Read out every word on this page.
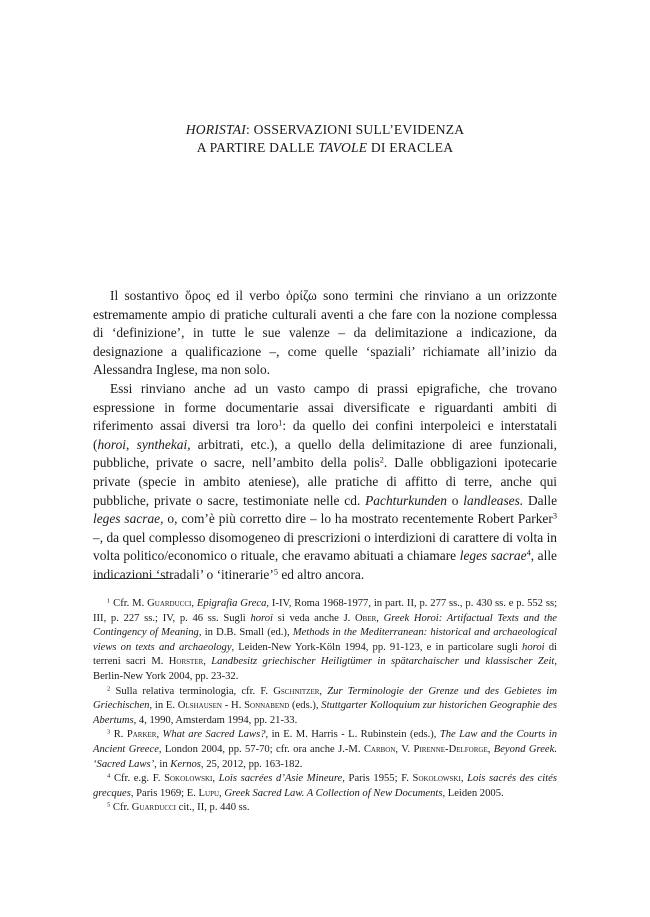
HORISTAI: OSSERVAZIONI SULL’EVIDENZA
A PARTIRE DALLE TAVOLE DI ERACLEA

Il sostantivo ὅρος ed il verbo ὁρίζω sono termini che rinviano a un orizzonte estremamente ampio di pratiche culturali aventi a che fare con la nozione complessa di ‘definizione’, in tutte le sue valenze – da delimitazione a indicazione, da designazione a qualificazione –, come quelle ‘spaziali’ richiamate all’inizio da Alessandra Inglese, ma non solo.

Essi rinviano anche ad un vasto campo di prassi epigrafiche, che trovano espressione in forme documentarie assai diversificate e riguardanti ambiti di riferimento assai diversi tra loro$^1$: da quello dei confini interpoleici e interstatali (horoi, synthekai, arbitrati, etc.), a quello della delimitazione di aree funzionali, pubbliche, private o sacre, nell’ambito della polis$^2$. Dalle obbligazioni ipotecarie private (specie in ambito ateniese), alle pratiche di affitto di terre, anche qui pubbliche, private o sacre, testimoniate nelle cd. Pachturkunden o landleases. Dalle leges sacrae, o, com’è più corretto dire – lo ha mostrato recentemente Robert Parker$^3$ –, da quel complesso disomogeneo di prescrizioni o interdizioni di carattere di volta in volta politico/economico o rituale, che eravamo abituati a chiamare leges sacrae$^4$, alle indicazioni ‘stradali’ o ‘itinerarie’$^5$ ed altro ancora.

$^1$ Cfr. M. Guarducci, Epigrafia Greca, I-IV, Roma 1968-1977, in part. II, p. 277 ss., p. 430 ss. e p. 552 ss; III, p. 227 ss.; IV, p. 46 ss. Sugli horoi si veda anche J. Ober, Greek Horoi: Artifactual Texts and the Contingency of Meaning, in D.B. Small (ed.), Methods in the Mediterranean: historical and archaeological views on texts and archaeology, Leiden-New York-Köln 1994, pp. 91-123, e in particolare sugli horoi di terreni sacri M. Horster, Landbesitz griechischer Heiligtümer in spätarchaischer und klassischer Zeit, Berlin-New York 2004, pp. 23-32.

$^2$ Sulla relativa terminologia, cfr. F. Gschnitzer, Zur Terminologie der Grenze und des Gebietes im Griechischen, in E. Olshausen - H. Sonnabend (eds.), Stuttgarter Kolloquium zur historichen Geographie des Abertums, 4, 1990, Amsterdam 1994, pp. 21-33.

$^3$ R. Parker, What are Sacred Laws?, in E. M. Harris - L. Rubinstein (eds.), The Law and the Courts in Ancient Greece, London 2004, pp. 57-70; cfr. ora anche J.-M. Carbon, V. Pirenne-Delforge, Beyond Greek. ‘Sacred Laws’, in Kernos, 25, 2012, pp. 163-182.

$^4$ Cfr. e.g. F. Sokolowski, Lois sacrées d’Asie Mineure, Paris 1955; F. Sokolowski, Lois sacrés des cités grecques, Paris 1969; E. Lupu, Greek Sacred Law. A Collection of New Documents, Leiden 2005.

$^5$ Cfr. Guarducci cit., II, p. 440 ss.
